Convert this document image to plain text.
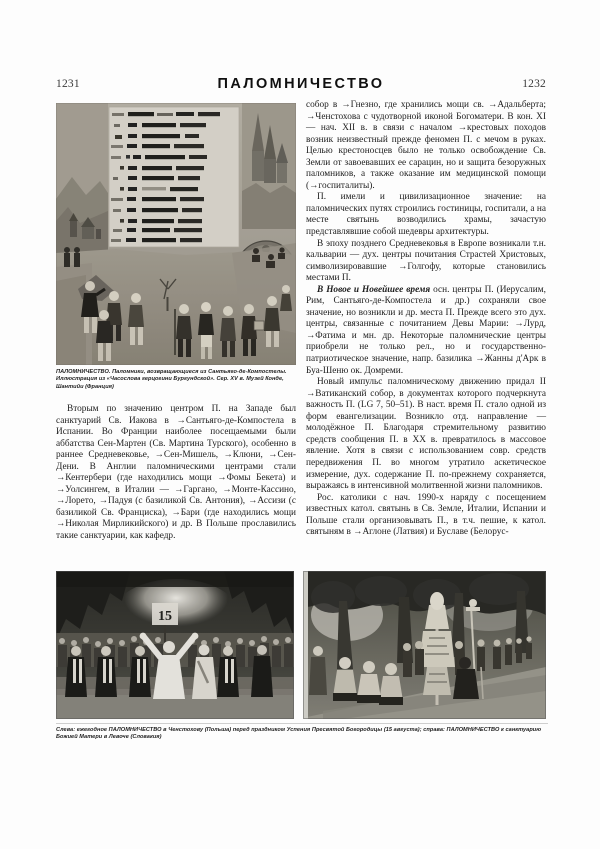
1231	ПАЛОМНИЧЕСТВО	1232
ПАЛОМНИЧЕСТВО. Паломники, возвращающиеся из Сантьяго-де-Компостелы. Иллюстрация из «Часослова герцогини Бургундской». Сер. XV в. Музей Конде, Шантийи (Франция)

Вторым по значению центром П. на Западе был санктуарий Св. Иакова в →Сантьяго-де-Компостела в Испании. Во Франции наиболее посещаемыми были аббатства Сен-Мартен (Св. Мартина Турского), особенно в раннее Средневековье, →Сен-Мишель, →Клюни, →Сен-Дени. В Англии паломническими центрами стали →Кентербери (где находились мощи →Фомы Бекета) и →Уолсингем, в Италии — →Гаргано, →Монте-Кассино, →Лорето, →Падуя (с базиликой Св. Антония), →Ассизи (с базиликой Св. Франциска), →Бари (где находились мощи →Николая Мирликийского) и др. В Польше прославились такие санктуарии, как кафедр.

собор в →Гнезно, где хранились мощи св. →Адальберта; →Ченстохова с чудотворной иконой Богоматери. В кон. XI — нач. XII в. в связи с началом →крестовых походов возник неизвестный прежде феномен П. с мечом в руках. Целью крестоносцев было не только освобождение Св. Земли от завоевавших ее сарацин, но и защита безоружных паломников, а также оказание им медицинской помощи (→госпиталиты).

П. имели и цивилизационное значение: на паломнических путях строились гостиницы, госпитали, а на месте святынь возводились храмы, зачастую представлявшие собой шедевры архитектуры.

В эпоху позднего Средневековья в Европе возникали т.н. кальварии — дух. центры почитания Страстей Христовых, символизировавшие →Голгофу, которые становились местами П.

В Новое и Новейшее время осн. центры П. (Иерусалим, Рим, Сантьяго-де-Компостела и др.) сохраняли свое значение, но возникли и др. места П. Прежде всего это дух. центры, связанные с почитанием Девы Марии: →Лурд, →Фатима и мн. др. Некоторые паломнические центры приобрели не только рел., но и государственно-патриотическое значение, напр. базилика →Жанны д'Арк в Буа-Шеню ок. Домреми.

Новый импульс паломническому движению придал II →Ватиканский собор, в документах которого подчеркнута важность П. (LG 7, 50–51). В наст. время П. стало одной из форм евангелизации. Возникло отд. направление — молодёжное П. Благодаря стремительному развитию средств сообщения П. в XX в. превратилось в массовое явление. Хотя в связи с использованием совр. средств передвижения П. во многом утратило аскетическое измерение, дух. содержание П. по-прежнему сохраняется, выражаясь в интенсивной молитвенной жизни паломников.

Рос. католики с нач. 1990-х наряду с посещением известных катол. святынь в Св. Земле, Италии, Испании и Польше стали организовывать П., в т.ч. пешие, к катол. святыням в →Аглоне (Латвия) и Буславе (Белорус-

15
Слева: ежегодное ПАЛОМНИЧЕСТВО в Ченстохову (Польша) перед праздником Успения Пресвятой Богородицы (15 августа); справа: ПАЛОМНИЧЕСТВО к санктуарию Божией Матери в Левоче (Словакия)
